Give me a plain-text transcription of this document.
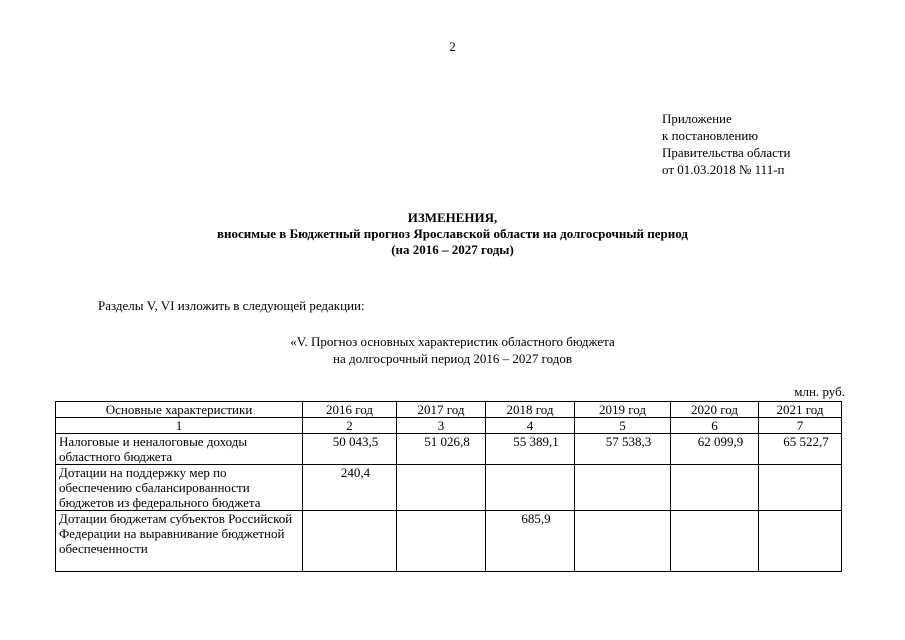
2
Приложение
к постановлению
Правительства области
от 01.03.2018 № 111-п
ИЗМЕНЕНИЯ,
вносимые в Бюджетный прогноз Ярославской области на долгосрочный период
(на 2016 – 2027 годы)
Разделы V, VI изложить в следующей редакции:
«V. Прогноз основных характеристик областного бюджета
на долгосрочный период 2016 – 2027 годов
млн. руб.
Основные характеристики	2016 год	2017 год	2018 год	2019 год	2020 год	2021 год
1	2	3	4	5	6	7
Налоговые и неналоговые доходы областного бюджета	50 043,5	51 026,8	55 389,1	57 538,3	62 099,9	65 522,7
Дотации на поддержку мер по обеспечению сбалансированности бюджетов из федерального бюджета	240,4					
Дотации бюджетам субъектов Российской Федерации на выравнивание бюджетной обеспеченности			685,9			
